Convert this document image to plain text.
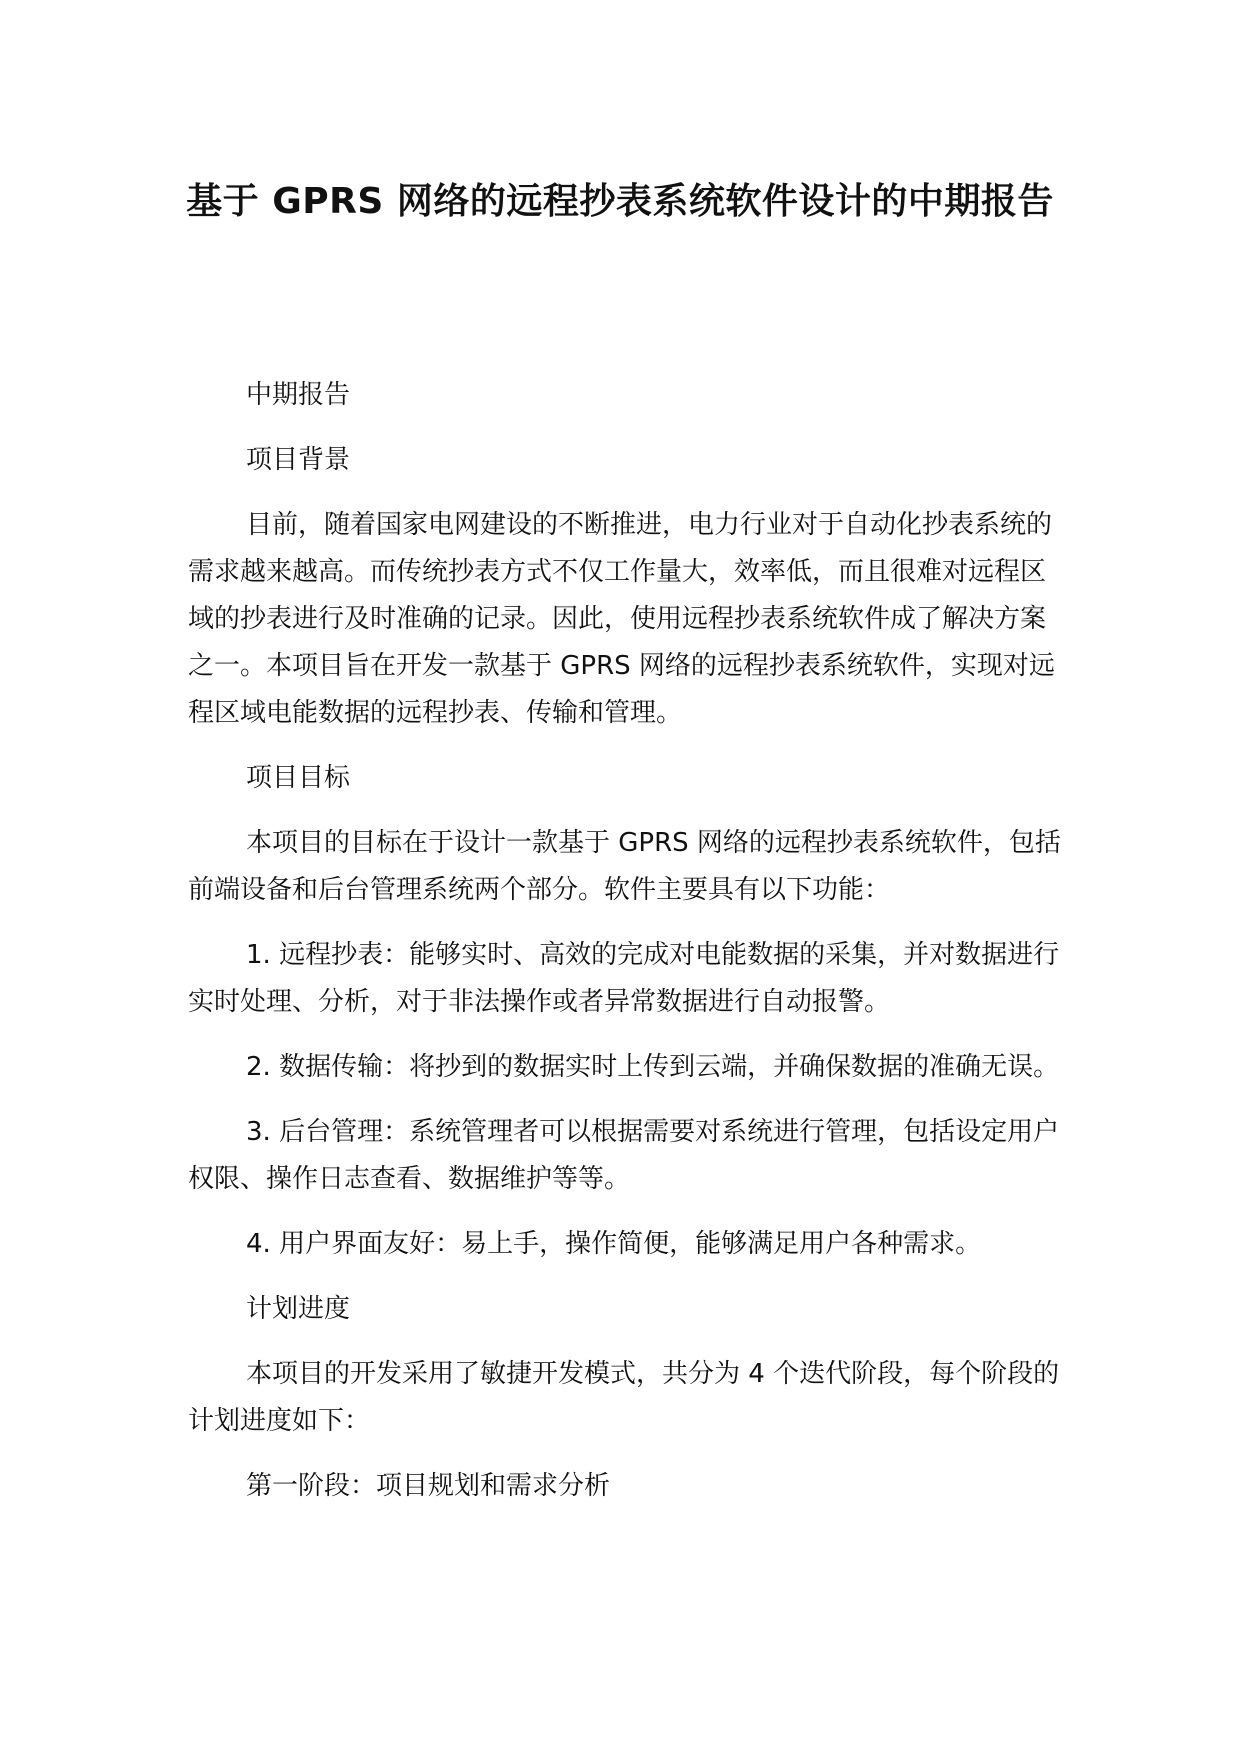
基于 GPRS 网络的远程抄表系统软件设计的中期报告

中期报告

项目背景

目前，随着国家电网建设的不断推进，电力行业对于自动化抄表系统的需求越来越高。而传统抄表方式不仅工作量大，效率低，而且很难对远程区域的抄表进行及时准确的记录。因此，使用远程抄表系统软件成了解决方案之一。本项目旨在开发一款基于 GPRS 网络的远程抄表系统软件，实现对远程区域电能数据的远程抄表、传输和管理。

项目目标

本项目的目标在于设计一款基于 GPRS 网络的远程抄表系统软件，包括前端设备和后台管理系统两个部分。软件主要具有以下功能：

1. 远程抄表：能够实时、高效的完成对电能数据的采集，并对数据进行实时处理、分析，对于非法操作或者异常数据进行自动报警。

2. 数据传输：将抄到的数据实时上传到云端，并确保数据的准确无误。

3. 后台管理：系统管理者可以根据需要对系统进行管理，包括设定用户权限、操作日志查看、数据维护等等。

4. 用户界面友好：易上手，操作简便，能够满足用户各种需求。

计划进度

本项目的开发采用了敏捷开发模式，共分为 4 个迭代阶段，每个阶段的计划进度如下：

第一阶段：项目规划和需求分析
